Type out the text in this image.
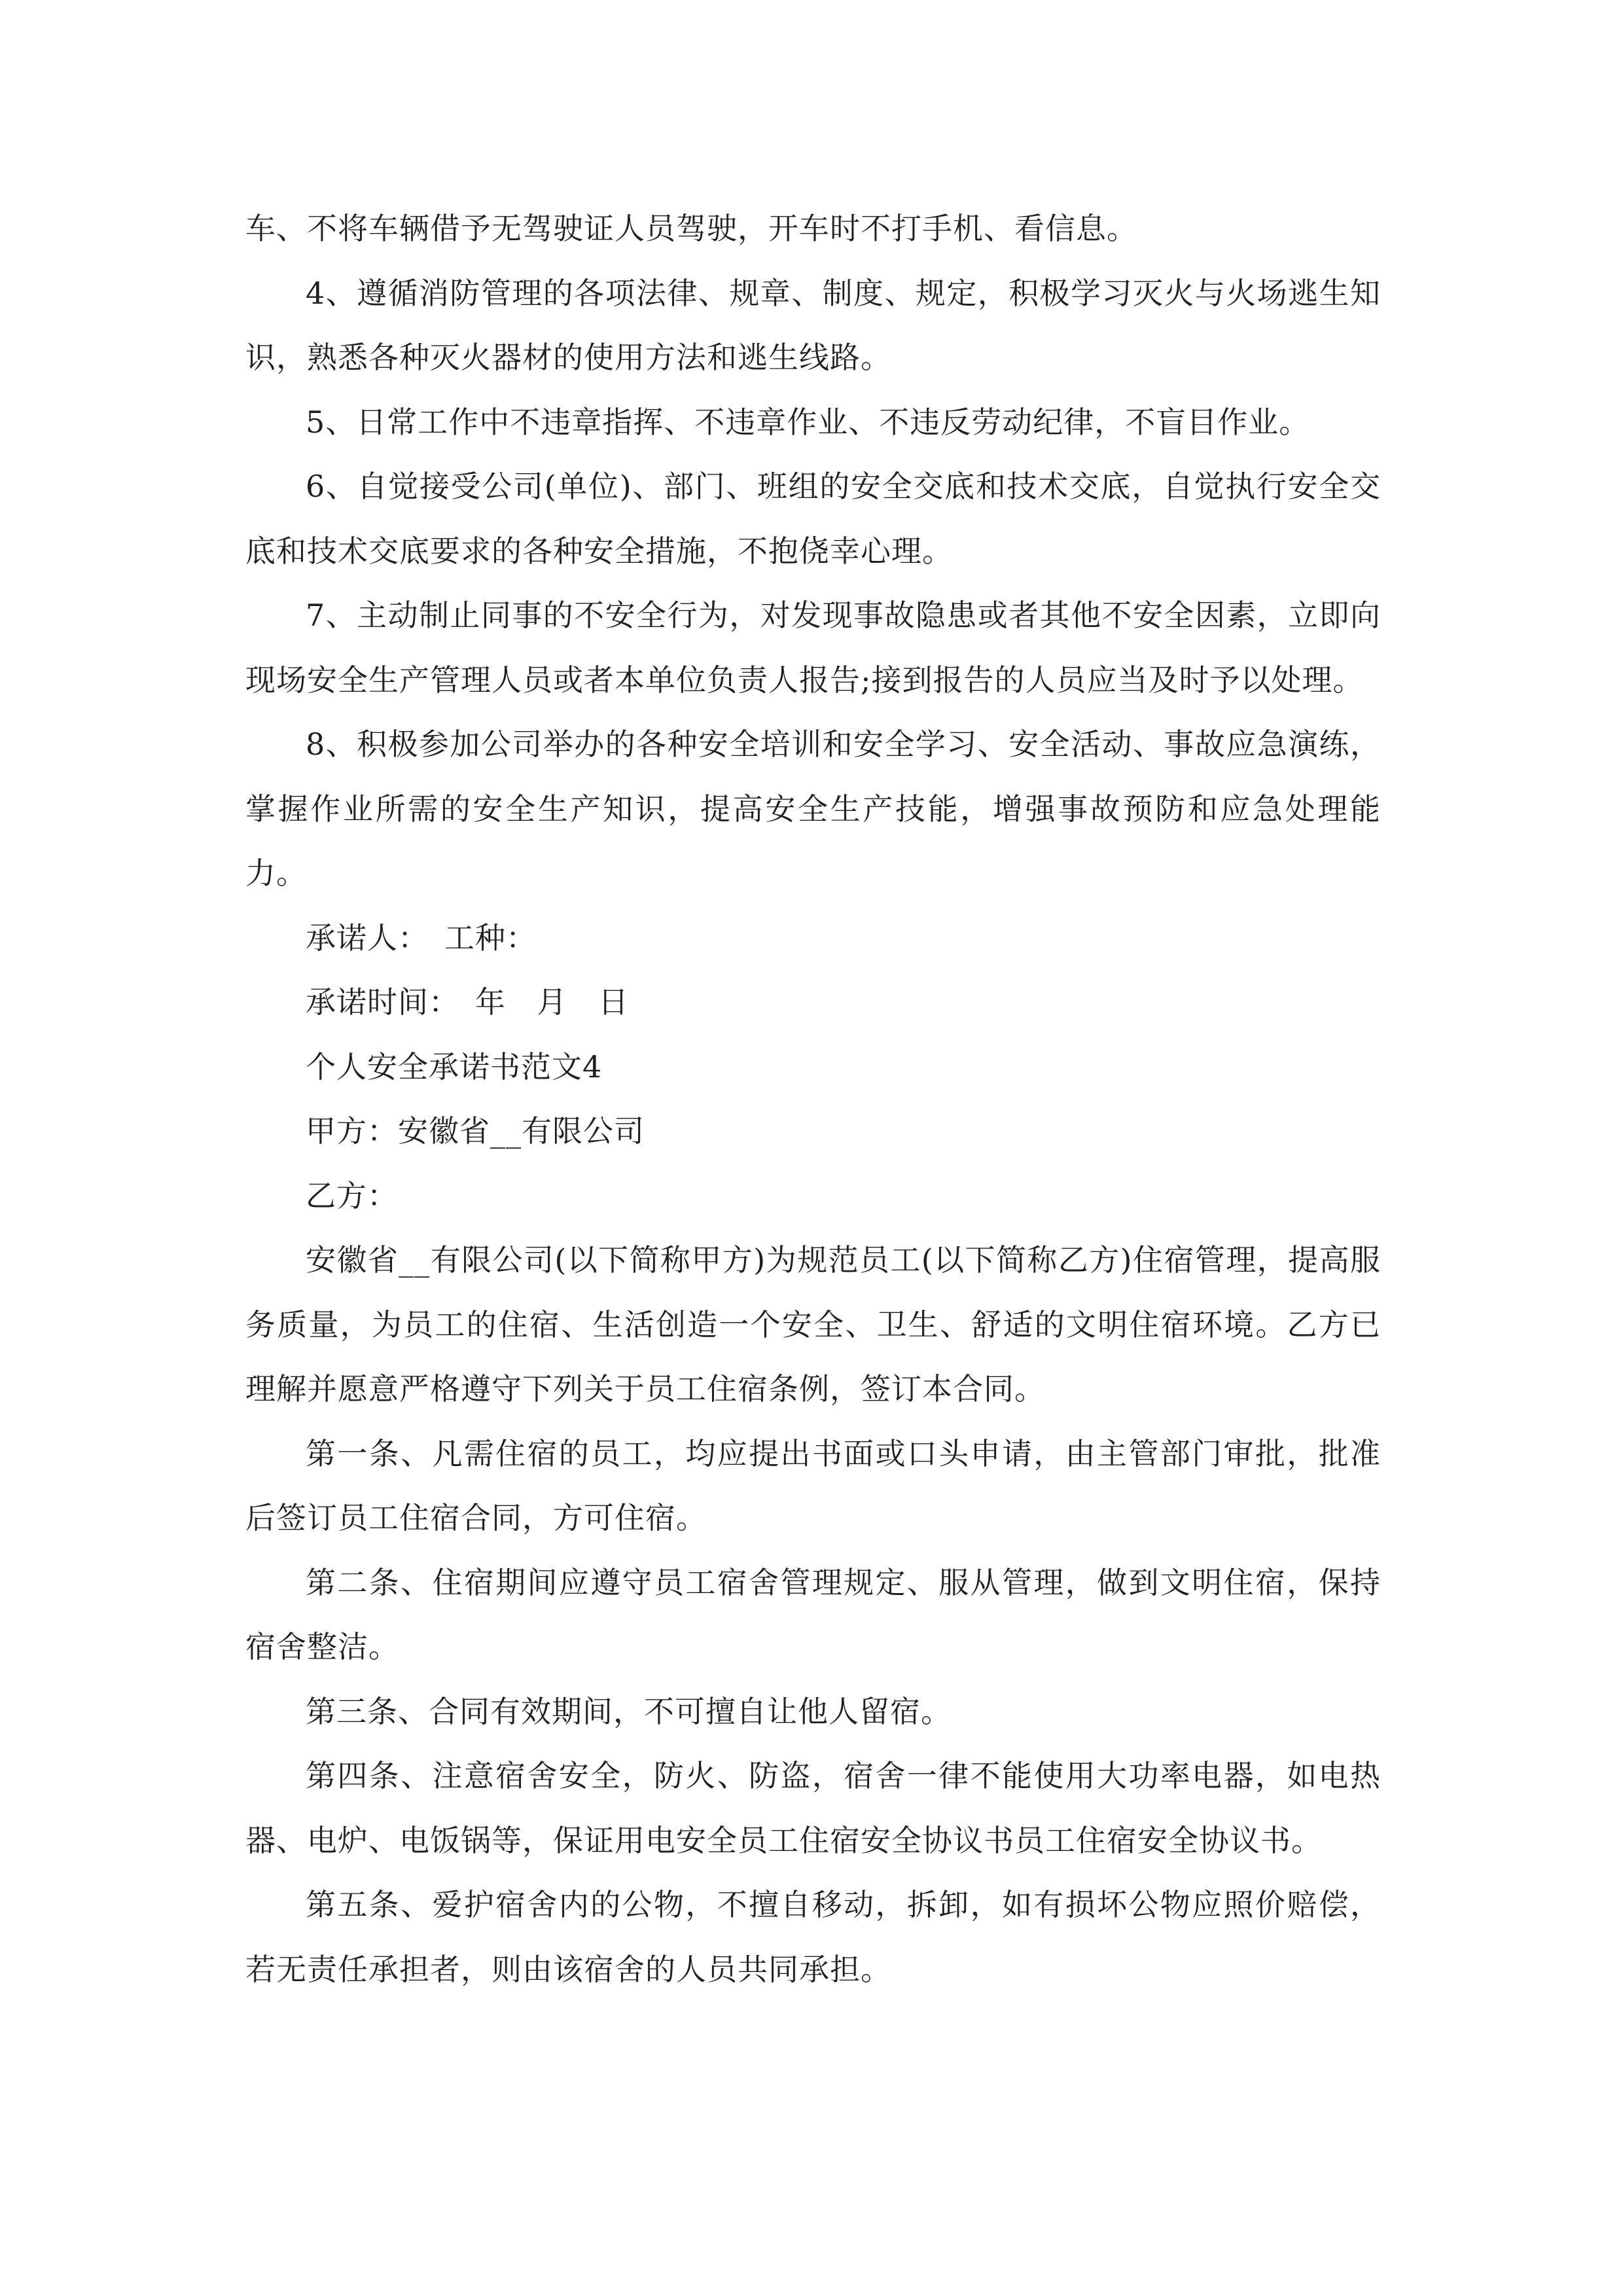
车、不将车辆借予无驾驶证人员驾驶，开车时不打手机、看信息。

4、遵循消防管理的各项法律、规章、制度、规定，积极学习灭火与火场逃生知识，熟悉各种灭火器材的使用方法和逃生线路。

5、日常工作中不违章指挥、不违章作业、不违反劳动纪律，不盲目作业。

6、自觉接受公司(单位)、部门、班组的安全交底和技术交底，自觉执行安全交底和技术交底要求的各种安全措施，不抱侥幸心理。

7、主动制止同事的不安全行为，对发现事故隐患或者其他不安全因素，立即向现场安全生产管理人员或者本单位负责人报告;接到报告的人员应当及时予以处理。

8、积极参加公司举办的各种安全培训和安全学习、安全活动、事故应急演练，掌握作业所需的安全生产知识，提高安全生产技能，增强事故预防和应急处理能力。

承诺人：　工种：

承诺时间：　年　月　日

个人安全承诺书范文4

甲方：安徽省__有限公司

乙方：

安徽省__有限公司(以下简称甲方)为规范员工(以下简称乙方)住宿管理，提高服务质量，为员工的住宿、生活创造一个安全、卫生、舒适的文明住宿环境。乙方已理解并愿意严格遵守下列关于员工住宿条例，签订本合同。

第一条、凡需住宿的员工，均应提出书面或口头申请，由主管部门审批，批准后签订员工住宿合同，方可住宿。

第二条、住宿期间应遵守员工宿舍管理规定、服从管理，做到文明住宿，保持宿舍整洁。

第三条、合同有效期间，不可擅自让他人留宿。

第四条、注意宿舍安全，防火、防盗，宿舍一律不能使用大功率电器，如电热器、电炉、电饭锅等，保证用电安全员工住宿安全协议书员工住宿安全协议书。

第五条、爱护宿舍内的公物，不擅自移动，拆卸，如有损坏公物应照价赔偿，若无责任承担者，则由该宿舍的人员共同承担。
